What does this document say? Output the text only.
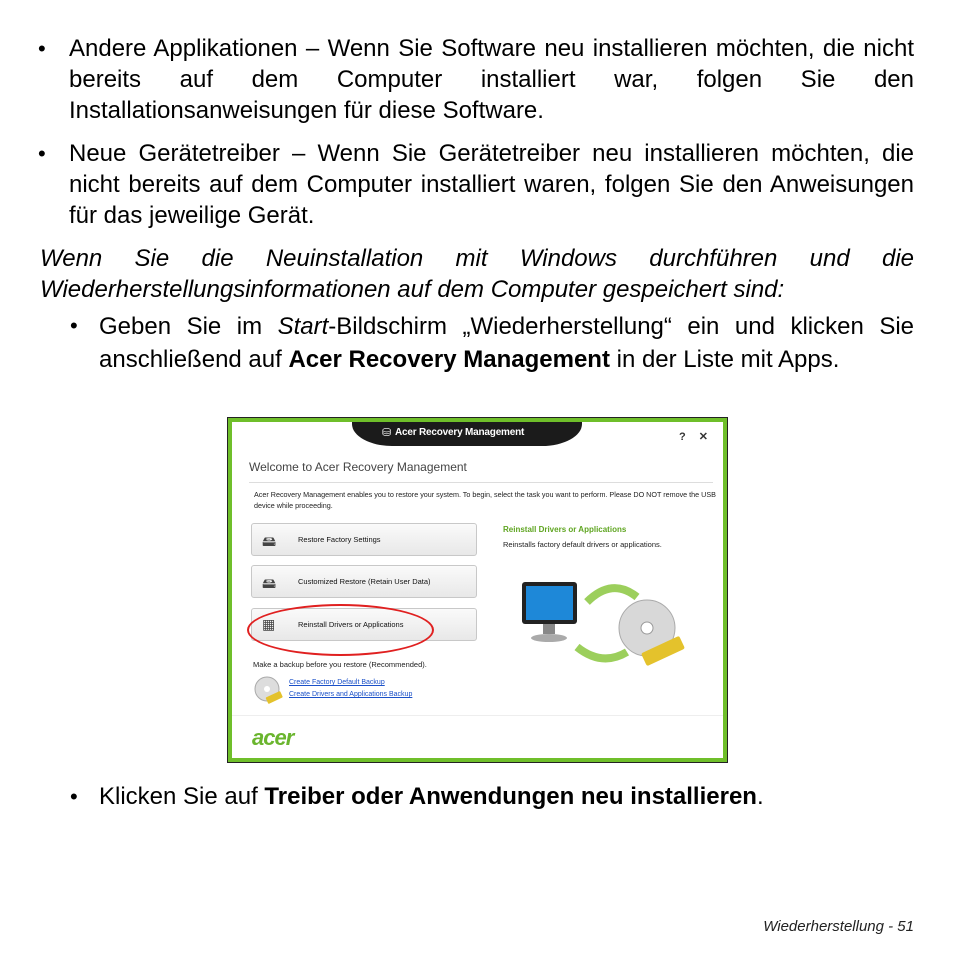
• Andere Applikationen – Wenn Sie Software neu installieren möchten, die nicht bereits auf dem Computer installiert war, folgen Sie den Installationsanweisungen für diese Software.
• Neue Gerätetreiber – Wenn Sie Gerätetreiber neu installieren möchten, die nicht bereits auf dem Computer installiert waren, folgen Sie den Anweisungen für das jeweilige Gerät.
Wenn Sie die Neuinstallation mit Windows durchführen und die Wiederherstellungsinformationen auf dem Computer gespeichert sind:
• Geben Sie im Start-Bildschirm „Wiederherstellung“ ein und klicken Sie anschließend auf Acer Recovery Management in der Liste mit Apps.
⛁ Acer Recovery Management	? ✕
Welcome to Acer Recovery Management
Acer Recovery Management enables you to restore your system. To begin, select the task you want to perform. Please DO NOT remove the USB device while proceeding.
🖴	Restore Factory Settings
🖴	Customized Restore (Retain User Data)
▦	Reinstall Drivers or Applications
Reinstall Drivers or Applications
Reinstalls factory default drivers or applications.
Make a backup before you restore (Recommended).
Create Factory Default Backup
Create Drivers and Applications Backup
acer
• Klicken Sie auf Treiber oder Anwendungen neu installieren.
Wiederherstellung - 51
